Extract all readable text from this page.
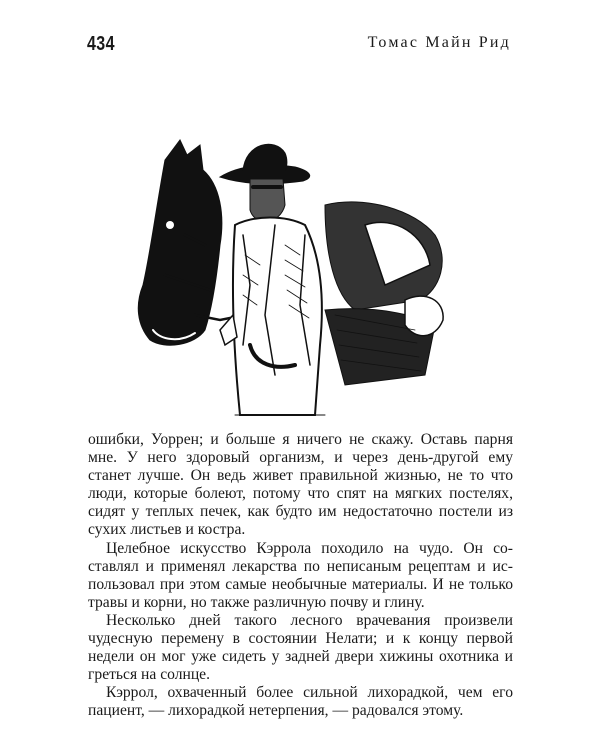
434	Томас Майн Рид

ошибки, Уоррен; и больше я ничего не скажу. Оставь парня мне. У него здоровый организм, и через день-другой ему станет лучше. Он ведь живет правильной жизнью, не то что люди, которые болеют, потому что спят на мягких постелях, сидят у теплых печек, как будто им недостаточно постели из сухих листьев и костра.

Целебное искусство Кэррола походило на чудо. Он составлял и применял лекарства по неписаным рецептам и использовал при этом самые необычные материалы. И не только травы и корни, но также различную почву и глину.

Несколько дней такого лесного врачевания произвели чудесную перемену в состоянии Нелати; и к концу первой недели он мог уже сидеть у задней двери хижины охотника и греться на солнце.

Кэррол, охваченный более сильной лихорадкой, чем его пациент, — лихорадкой нетерпения, — радовался этому.
